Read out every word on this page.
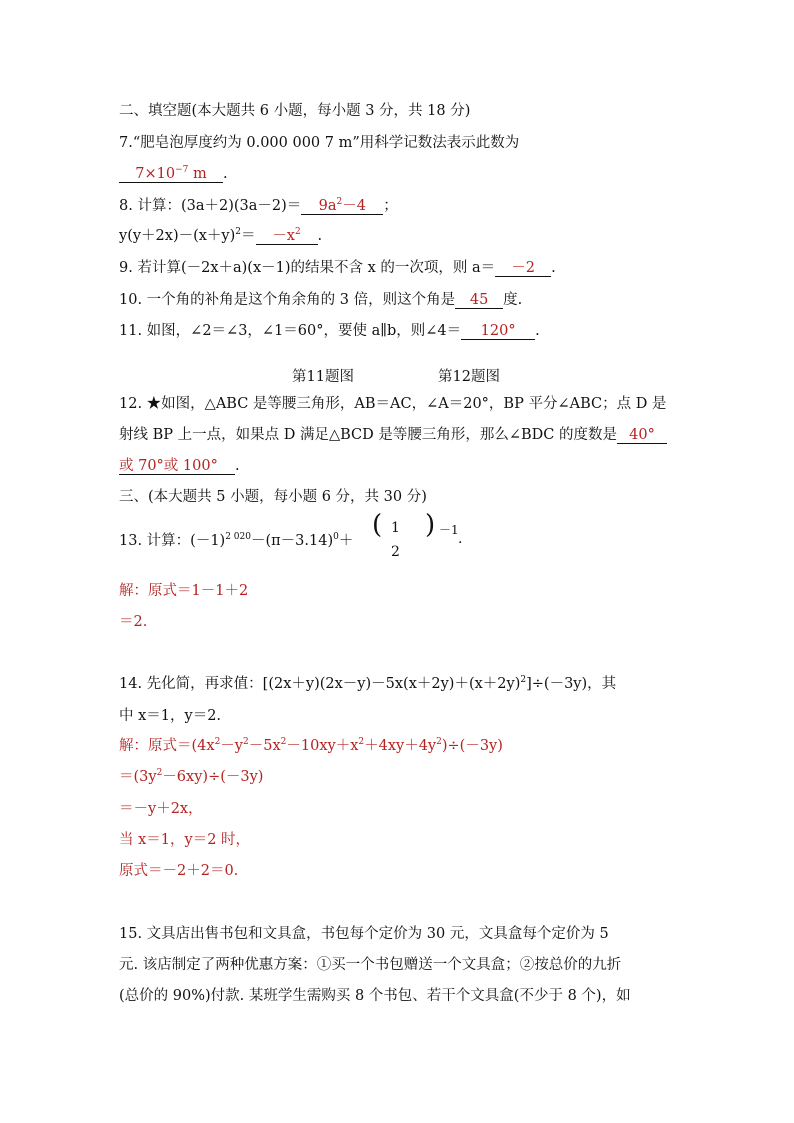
二、填空题(本大题共 6 小题，每小题 3 分，共 18 分)
7.“肥皂泡厚度约为 0.000 000 7 m”用科学记数法表示此数为
$7\times 10^{-7}$ m .
8. 计算：$(3a+2)(3a-2)= 9a^2-4$ ；
$y(y+2x)-(x+y)^2= -x^2$ .
9. 若计算(－2x＋a)(x－1)的结果不含 x 的一次项，则 a＝ －2 .
10. 一个角的补角是这个角余角的 3 倍，则这个角是 45 度.
11. 如图，∠2＝∠3，∠1＝60°，要使 a∥b，则∠4＝ 120° .
第11题图	第12题图
12. ★如图，△ABC 是等腰三角形，AB＝AC，∠A＝20°，BP 平分∠ABC；点 D 是
射线 BP 上一点，如果点 D 满足△BCD 是等腰三角形，那么∠BDC 的度数是 40°
或 70°或 100° .
三、(本大题共 5 小题，每小题 6 分，共 30 分)
13. 计算：$(-1)^{2 020}-(\pi-3.14)^0+$
( 1
2
) －1
.
解：原式＝1－1＋2
＝2.
14. 先化简，再求值：$[(2x+y)(2x-y)-5x(x+2y)+(x+2y)^2]\div(-3y)$，其
中 x＝1，y＝2.
解：原式$=(4x^2-y^2-5x^2-10xy+x^2+4xy+4y^2)\div(-3y)$
$=(3y^2-6xy)\div(-3y)$
＝－y＋2x，
当 x＝1，y＝2 时，
原式＝－2＋2＝0.
15. 文具店出售书包和文具盒，书包每个定价为 30 元，文具盒每个定价为 5
元. 该店制定了两种优惠方案：①买一个书包赠送一个文具盒；②按总价的九折
(总价的 90%)付款. 某班学生需购买 8 个书包、若干个文具盒(不少于 8 个)，如
